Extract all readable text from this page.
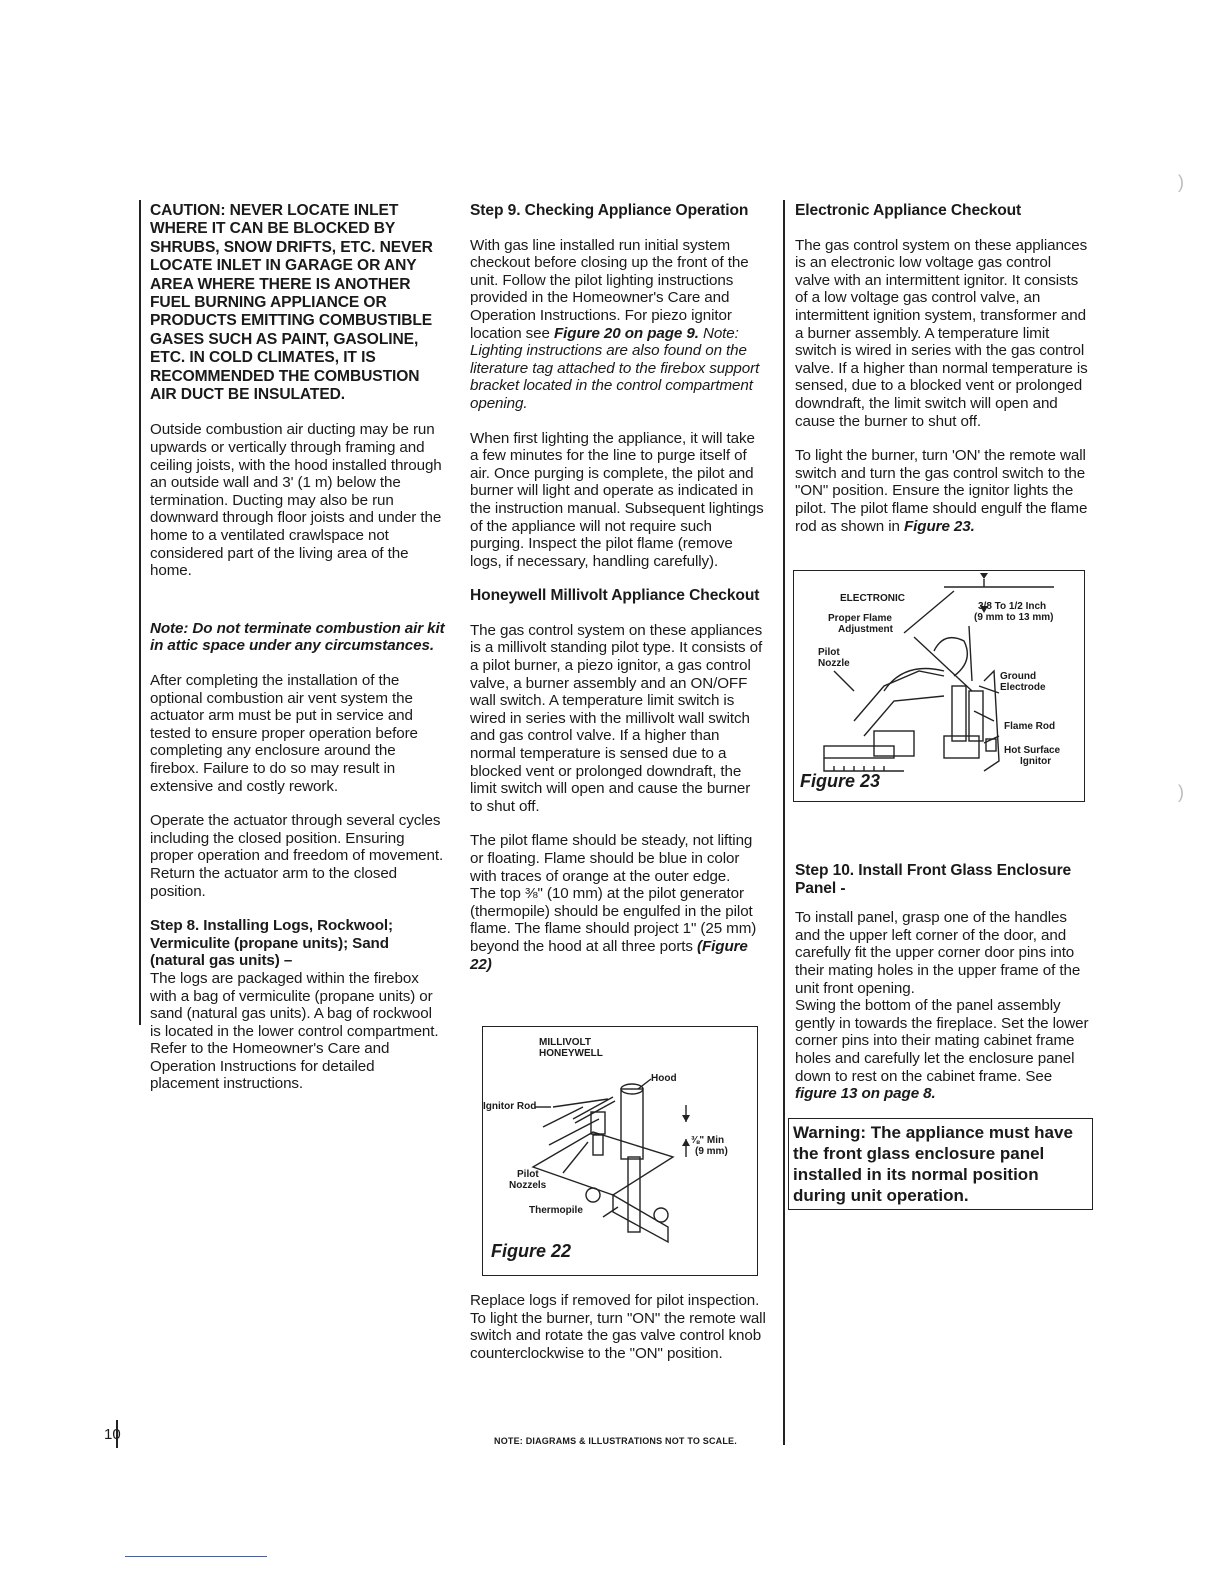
CAUTION: NEVER LOCATE INLET WHERE IT CAN BE BLOCKED BY SHRUBS, SNOW DRIFTS, ETC. NEVER LOCATE INLET IN GARAGE OR ANY AREA WHERE THERE IS ANOTHER FUEL BURNING APPLIANCE OR PRODUCTS EMITTING COMBUSTIBLE GASES SUCH AS PAINT, GASOLINE, ETC. IN COLD CLIMATES, IT IS RECOMMENDED THE COMBUSTION AIR DUCT BE INSULATED.

Outside combustion air ducting may be run upwards or vertically through framing and ceiling joists, with the hood installed through an outside wall and 3' (1 m) below the termination. Ducting may also be run downward through floor joists and under the home to a ventilated crawlspace not considered part of the living area of the home.

Note: Do not terminate combustion air kit in attic space under any circumstances.

After completing the installation of the optional combustion air vent system the actuator arm must be put in service and tested to ensure proper operation before completing any enclosure around the firebox. Failure to do so may result in extensive and costly rework.

Operate the actuator through several cycles including the closed position. Ensuring proper operation and freedom of movement. Return the actuator arm to the closed position.

Step 8. Installing Logs, Rockwool; Vermiculite (propane units); Sand (natural gas units) –

The logs are packaged within the firebox with a bag of vermiculite (propane units) or sand (natural gas units). A bag of rockwool is located in the lower control compartment. Refer to the Homeowner's Care and Operation Instructions for detailed placement instructions.

Step 9. Checking Appliance Operation

With gas line installed run initial system checkout before closing up the front of the unit. Follow the pilot lighting instructions provided in the Homeowner's Care and Operation Instructions. For piezo ignitor location see Figure 20 on page 9. Note: Lighting instructions are also found on the literature tag attached to the firebox support bracket located in the control compartment opening.

When first lighting the appliance, it will take a few minutes for the line to purge itself of air. Once purging is complete, the pilot and burner will light and operate as indicated in the instruction manual. Subsequent lightings of the appliance will not require such purging. Inspect the pilot flame (remove logs, if necessary, handling carefully).

Honeywell Millivolt Appliance Checkout

The gas control system on these appliances is a millivolt standing pilot type. It consists of a pilot burner, a piezo ignitor, a gas control valve, a burner assembly and an ON/OFF wall switch. A temperature limit switch is wired in series with the millivolt wall switch and gas control valve. If a higher than normal temperature is sensed due to a blocked vent or prolonged downdraft, the limit switch will open and cause the burner to shut off.

The pilot flame should be steady, not lifting or floating. Flame should be blue in color with traces of orange at the outer edge.

The top ⅜" (10 mm) at the pilot generator (thermopile) should be engulfed in the pilot flame. The flame should project 1" (25 mm) beyond the hood at all three ports (Figure 22)

MILLIVOLT
HONEYWELL
Hood
Ignitor Rod
⅜" Min
(9 mm)
Pilot
Nozzels
Thermopile
Figure 22

Replace logs if removed for pilot inspection. To light the burner, turn "ON" the remote wall switch and rotate the gas valve control knob counterclockwise to the "ON" position.

Electronic Appliance Checkout

The gas control system on these appliances is an electronic low voltage gas control valve with an intermittent ignitor. It consists of a low voltage gas control valve, an intermittent ignition system, transformer and a burner assembly. A temperature limit switch is wired in series with the gas control valve. If a higher than normal temperature is sensed, due to a blocked vent or prolonged downdraft, the limit switch will open and cause the burner to shut off.

To light the burner, turn 'ON' the remote wall switch and turn the gas control switch to the "ON" position. Ensure the ignitor lights the pilot. The pilot flame should engulf the flame rod as shown in Figure 23.

ELECTRONIC
3/8 To 1/2 Inch
(9 mm to 13 mm)
Proper Flame
Adjustment
Pilot
Nozzle
Ground
Electrode
Flame Rod
Hot Surface
Ignitor
Figure 23

Step 10. Install Front Glass Enclosure Panel -

To install panel, grasp one of the handles and the upper left corner of the door, and carefully fit the upper corner door pins into their mating holes in the upper frame of the unit front opening.

Swing the bottom of the panel assembly gently in towards the fireplace. Set the lower corner pins into their mating cabinet frame holes and carefully let the enclosure panel down to rest on the cabinet frame. See figure 13 on page 8.

Warning: The appliance must have the front glass enclosure panel installed in its normal position during unit operation.
10	NOTE: DIAGRAMS & ILLUSTRATIONS NOT TO SCALE.
)
)
